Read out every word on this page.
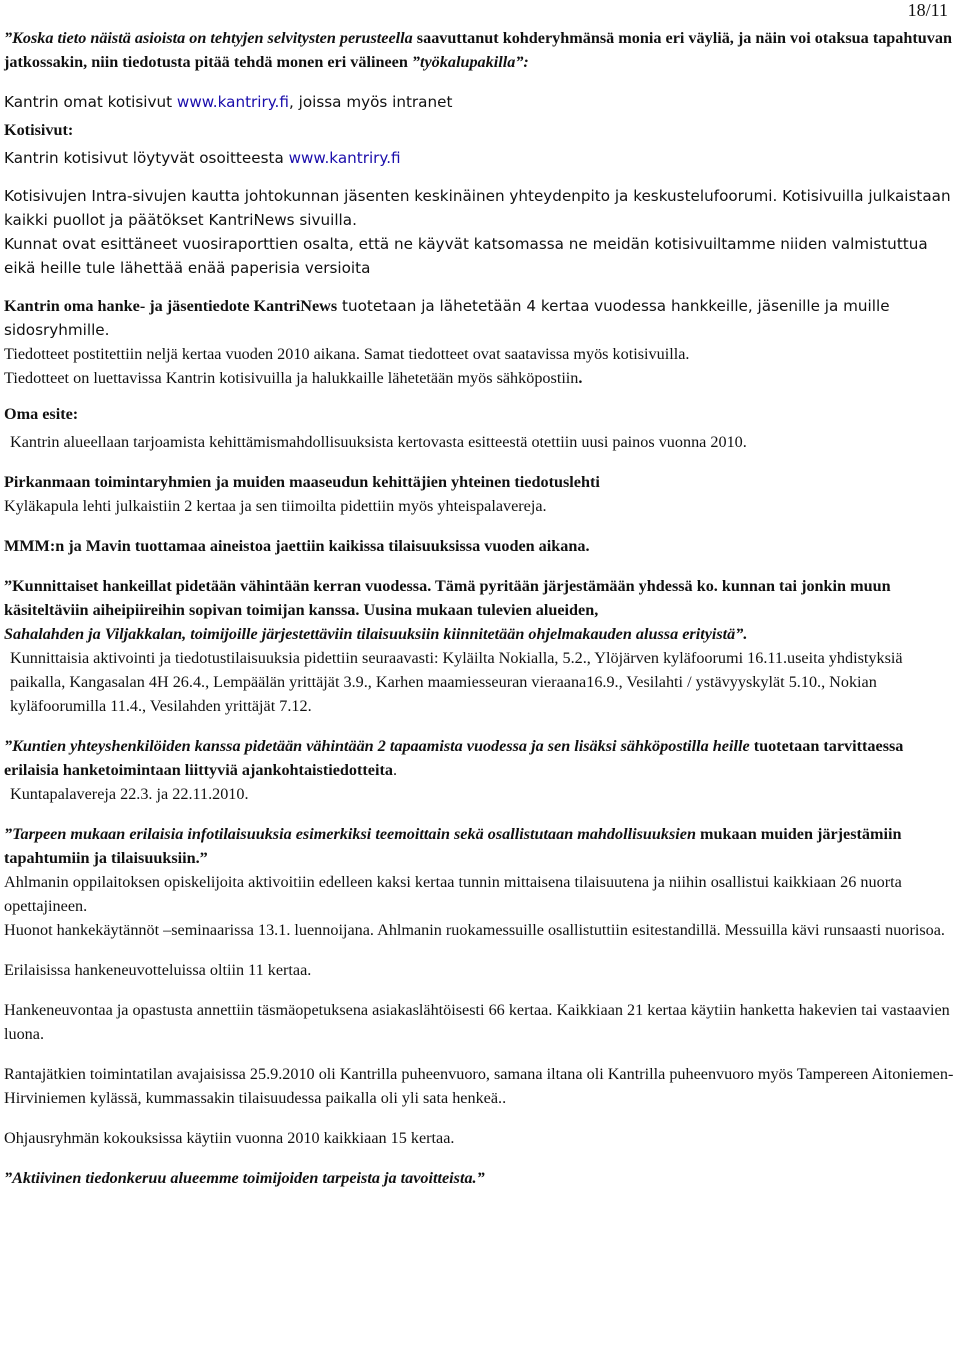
18/11

”Koska tieto näistä asioista on tehtyjen selvitysten perusteella saavuttanut kohderyhmänsä monia eri väyliä, ja näin voi otaksua tapahtuvan jatkossakin, niin tiedotusta pitää tehdä monen eri välineen ”työkalupakilla”:

Kantrin omat kotisivut www.kantriry.fi, joissa myös intranet

Kotisivut:

Kantrin kotisivut löytyvät osoitteesta www.kantriry.fi

Kotisivujen Intra-sivujen kautta johtokunnan jäsenten keskinäinen yhteydenpito ja keskustelufoorumi. Kotisivuilla julkaistaan kaikki puollot ja päätökset KantriNews sivuilla.

Kunnat ovat esittäneet vuosiraporttien osalta, että ne käyvät katsomassa ne meidän kotisivuiltamme niiden valmistuttua eikä heille tule lähettää enää paperisia versioita

Kantrin oma hanke- ja jäsentiedote KantriNews tuotetaan ja lähetetään 4 kertaa vuodessa hankkeille, jäsenille ja muille sidosryhmille.

Tiedotteet postitettiin neljä kertaa vuoden 2010 aikana. Samat tiedotteet ovat saatavissa myös kotisivuilla.

Tiedotteet on luettavissa Kantrin kotisivuilla ja halukkaille lähetetään myös sähköpostiin.

Oma esite:

Kantrin alueellaan tarjoamista kehittämismahdollisuuksista kertovasta esitteestä otettiin uusi painos vuonna 2010.

Pirkanmaan toimintaryhmien ja muiden maaseudun kehittäjien yhteinen tiedotuslehti

Kyläkapula lehti julkaistiin 2 kertaa ja sen tiimoilta pidettiin myös yhteispalavereja.

MMM:n ja Mavin tuottamaa aineistoa jaettiin kaikissa tilaisuuksissa vuoden aikana.

”Kunnittaiset hankeillat pidetään vähintään kerran vuodessa. Tämä pyritään järjestämään yhdessä ko. kunnan tai jonkin muun käsiteltäviin aiheipiireihin sopivan toimijan kanssa. Uusina mukaan tulevien alueiden,
Sahalahden ja Viljakkalan, toimijoille järjestettäviin tilaisuuksiin kiinnitetään ohjelmakauden alussa erityistä”.

Kunnittaisia aktivointi ja tiedotustilaisuuksia pidettiin seuraavasti: Kyläilta Nokialla, 5.2., Ylöjärven kyläfoorumi 16.11.useita yhdistyksiä paikalla, Kangasalan 4H 26.4., Lempäälän yrittäjät 3.9., Karhen maamiesseuran vieraana16.9., Vesilahti / ystävyyskylät 5.10., Nokian kyläfoorumilla 11.4., Vesilahden yrittäjät 7.12.

”Kuntien yhteyshenkilöiden kanssa pidetään vähintään 2 tapaamista vuodessa ja sen lisäksi sähköpostilla heille tuotetaan tarvittaessa erilaisia hanketoimintaan liittyviä ajankohtaistiedotteita.

Kuntapalavereja 22.3. ja 22.11.2010.

”Tarpeen mukaan erilaisia infotilaisuuksia esimerkiksi teemoittain sekä osallistutaan mahdollisuuksien mukaan muiden järjestämiin tapahtumiin ja tilaisuuksiin.”

Ahlmanin oppilaitoksen opiskelijoita aktivoitiin edelleen kaksi kertaa tunnin mittaisena tilaisuutena ja niihin osallistui kaikkiaan 26 nuorta opettajineen.

Huonot hankekäytännöt –seminaarissa 13.1. luennoijana. Ahlmanin ruokamessuille osallistuttiin esitestandillä. Messuilla kävi runsaasti nuorisoa.

Erilaisissa hankeneuvotteluissa oltiin 11 kertaa.

Hankeneuvontaa ja opastusta annettiin täsmäopetuksena asiakaslähtöisesti 66 kertaa. Kaikkiaan 21 kertaa käytiin hanketta hakevien tai vastaavien luona.

Rantajätkien toimintatilan avajaisissa 25.9.2010 oli Kantrilla puheenvuoro, samana iltana oli Kantrilla puheenvuoro myös Tampereen Aitoniemen- Hirviniemen kylässä, kummassakin tilaisuudessa paikalla oli yli sata henkeä..

Ohjausryhmän kokouksissa käytiin vuonna 2010 kaikkiaan 15 kertaa.

”Aktiivinen tiedonkeruu alueemme toimijoiden tarpeista ja tavoitteista.”
